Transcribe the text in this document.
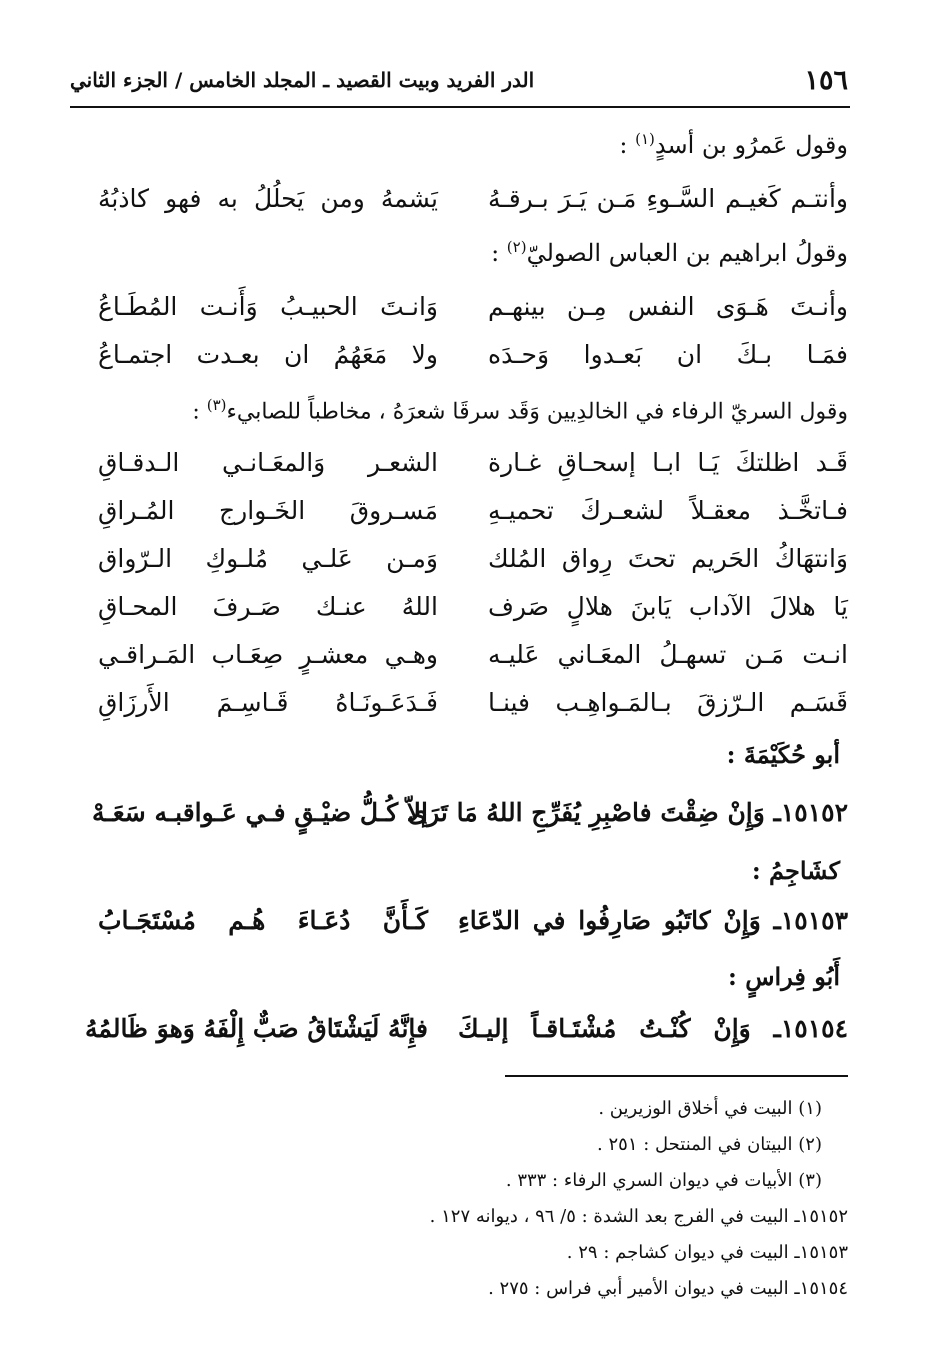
١٥٦
الدر الفريد وبيت القصيد ـ المجلد الخامس / الجزء الثاني
وقول عَمرُو بن أسدٍ$^{(١)}$ :
وأنتـم كَغيـم السَّـوءِ مَـن يَـرَ بـرقـهُ
يَشمهُ ومن يَحلُلُ به فهو كاذبُهُ
وقولُ ابراهيم بن العباس الصوليّ$^{(٢)}$ :
وأنـتَ هَـوَى النفس مِـن بينهـم
وَانـتَ الحبيـبُ وَأَنـت المُطَـاعُ
فمَـا بـكَ ان بَعـدوا وَحـدَه
ولا مَعَهُمُ ان بعـدت اجتمـاعُ
وقول السريّ الرفاء في الخالدِيين وَقَد سرقَا شعرَهُ ، مخاطباً للصابيء$^{(٣)}$ :
قَـد اظلتكَ يَـا ابـا إسحـاقِ غـارة
الشعـر وَالمعَـانـي الـدقـاقِ
فـاتخَّـذ معقـلاً لشعـركَ تحميـهِ
مَسـروقَ الخَـوارج المُـراقِ
وَانتهَاكُ الحَريم تحتَ رِواق المُلك
وَمـن عَلـي مُلـوكِ الـرّواق
يَا هلالَ الآداب يَابنَ هلالٍ صَرف
اللهُ عنـك صَـرفَ المحـاقِ
انـت مَـن تسهـلُ المعَـاني عَليـه
وهـي معشـرٍ صِعَـاب المَـراقـي
قَسَـم الـرّزقَ بـالمَـواهِـب فينـا
فَـدَعَـونَـاهُ قَـاسِـمَ الأَرزَاقِ
أبو حُكَيْمَةَ :
١٥١٥٢ـ وَإِنْ ضِقْتَ فاصْبِرِ يُفَرِّجِ اللهُ مَا تَرَى
إلاّ كُـلُّ ضيْـقٍ فـي عَـواقبـه سَعَـهْ
كشَاجِمُ :
١٥١٥٣ـ وَإِنْ كاتَبُو صَارِفُوا في الدّعَاءِ
كَـأَنَّ دُعَـاءَ هُـم مُسْتَجَـابُ
أَبُو فِراسٍ :
١٥١٥٤ـ وَإِنْ كُنْـتُ مُشْتَـاقـاً إليـكَ
فإِنَّهُ لَيَشْتَاقُ صَبٌّ إِلْفَهُ وَهوَ ظَالمُهُ
(١) البيت في أخلاق الوزيرين .
(٢) البيتان في المنتحل : ٢٥١ .
(٣) الأبيات في ديوان السري الرفاء : ٣٣٣ .
١٥١٥٢ـ البيت في الفرج بعد الشدة : ٥/ ٩٦ ، ديوانه ١٢٧ .
١٥١٥٣ـ البيت في ديوان كشاجم : ٢٩ .
١٥١٥٤ـ البيت في ديوان الأمير أبي فراس : ٢٧٥ .
